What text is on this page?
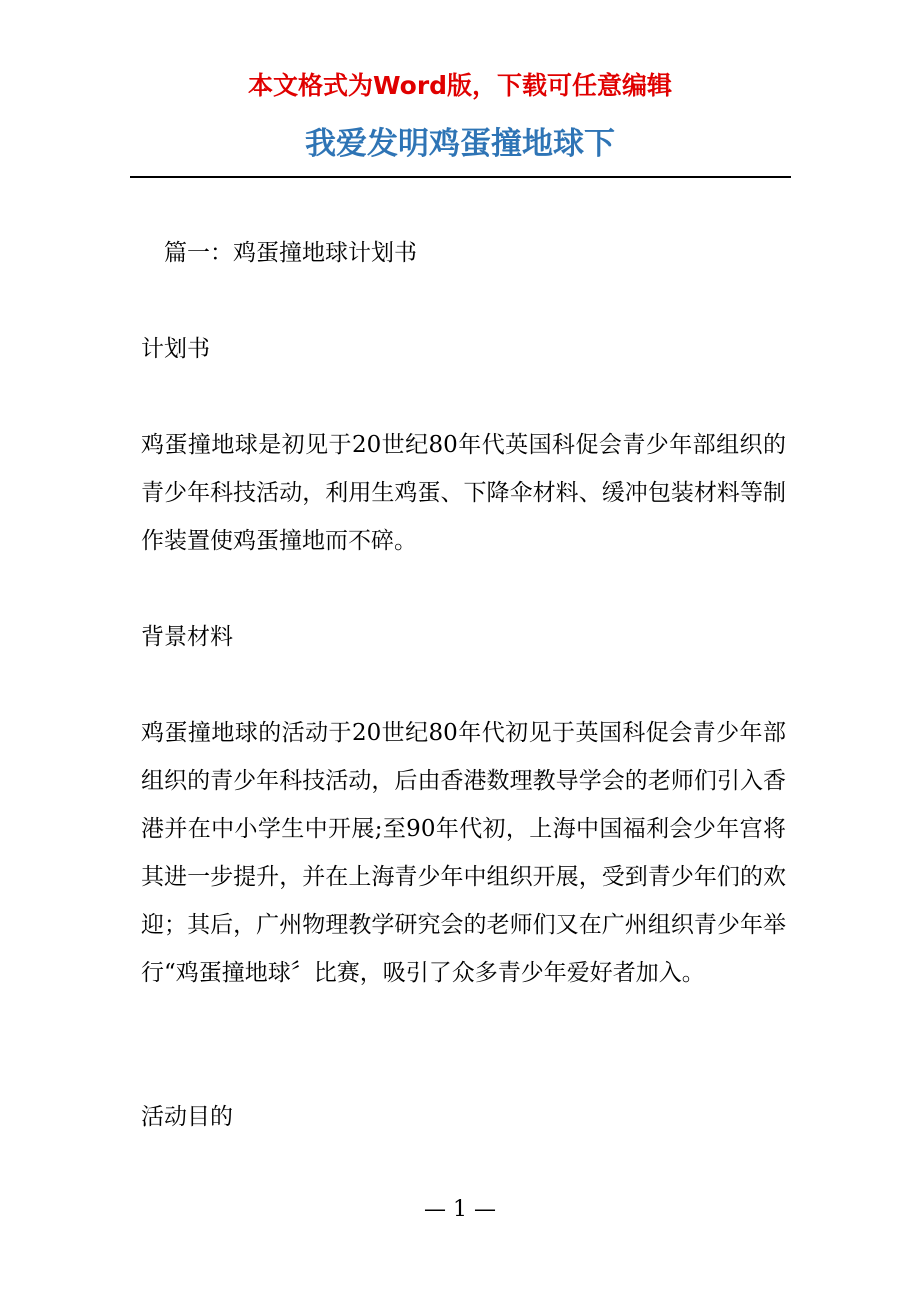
本文格式为Word版，下载可任意编辑
我爱发明鸡蛋撞地球下

篇一：鸡蛋撞地球计划书

计划书

鸡蛋撞地球是初见于20世纪80年代英国科促会青少年部组织的青少年科技活动，利用生鸡蛋、下降伞材料、缓冲包装材料等制作装置使鸡蛋撞地而不碎。

背景材料

鸡蛋撞地球的活动于20世纪80年代初见于英国科促会青少年部组织的青少年科技活动，后由香港数理教导学会的老师们引入香港并在中小学生中开展;至90年代初，上海中国福利会少年宫将其进一步提升，并在上海青少年中组织开展，受到青少年们的欢迎；其后，广州物理教学研究会的老师们又在广州组织青少年举行“鸡蛋撞地球〞比赛，吸引了众多青少年爱好者加入。

活动目的

— 1 —
